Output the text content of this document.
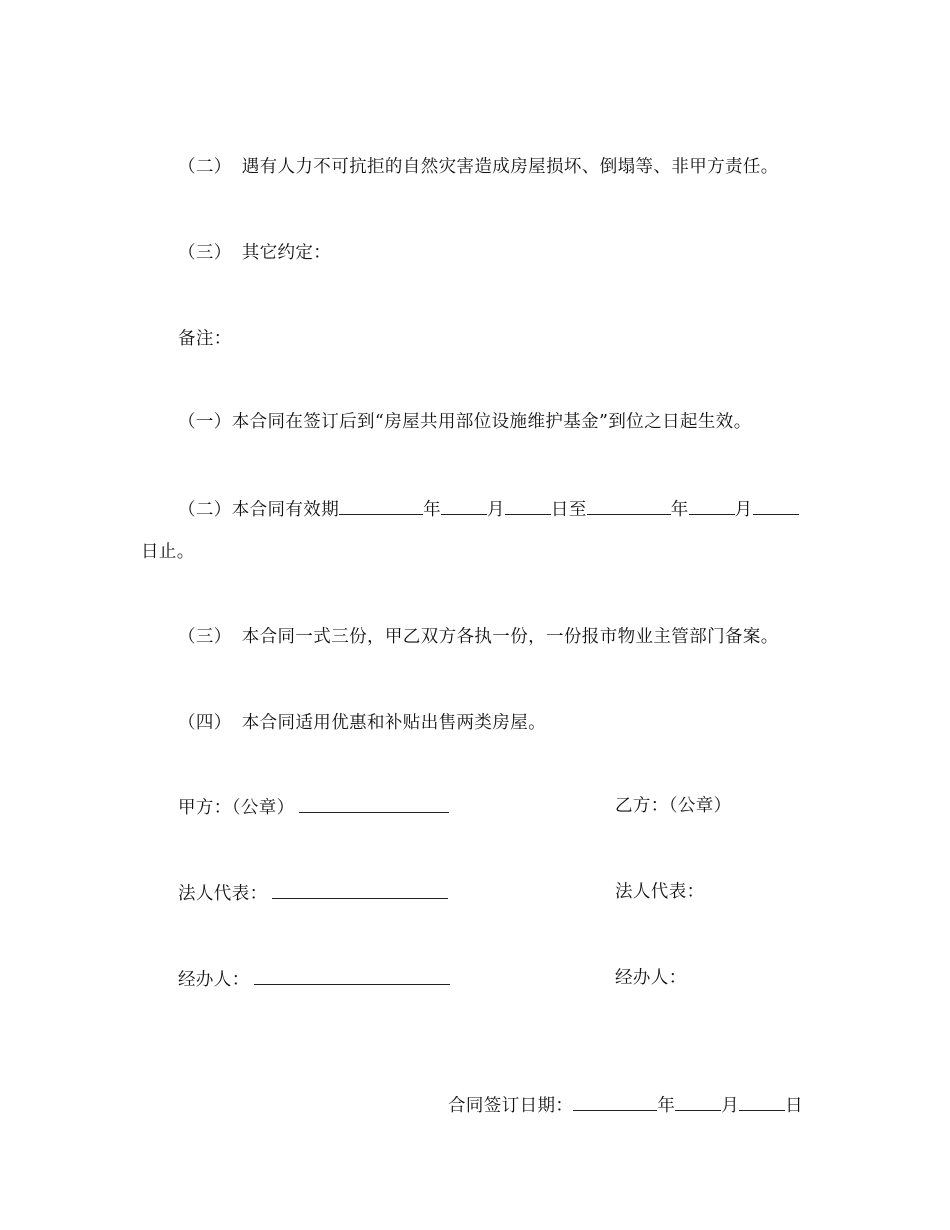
（二） 遇有人力不可抗拒的自然灾害造成房屋损坏、倒塌等、非甲方责任。
（三） 其它约定：
备注：
（一）本合同在签订后到“房屋共用部位设施维护基金”到位之日起生效。
（二）本合同有效期	年	月	日至	年	月
日止。
（三） 本合同一式三份，甲乙双方各执一份，一份报市物业主管部门备案。
（四） 本合同适用优惠和补贴出售两类房屋。
甲方：（公章）
法人代表：
经办人：
乙方：（公章）
法人代表：
经办人：
合同签订日期：	年	月	日
